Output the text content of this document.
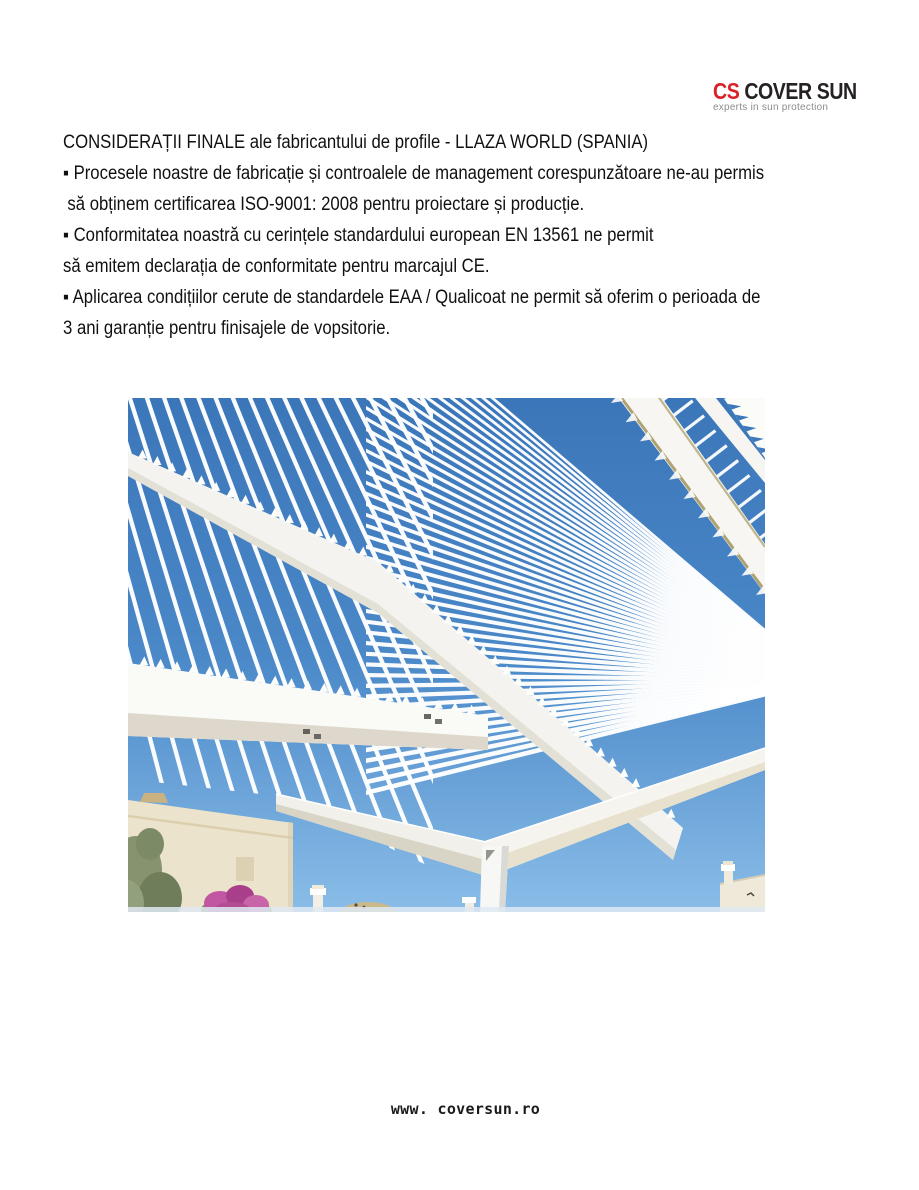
CS COVER SUN
experts in sun protection
CONSIDERAȚII FINALE ale fabricantului de profile - LLAZA WORLD (SPANIA)
▪ Procesele noastre de fabricație și controalele de management corespunzătoare ne-au permis
să obținem certificarea ISO-9001: 2008 pentru proiectare și producție.
▪ Conformitatea noastră cu cerințele standardului european EN 13561 ne permit
să emitem declarația de conformitate pentru marcajul CE.
▪ Aplicarea condițiilor cerute de standardele EAA / Qualicoat ne permit să oferim o perioada de
3 ani garanție pentru finisajele de vopsitorie.
www. coversun.ro
